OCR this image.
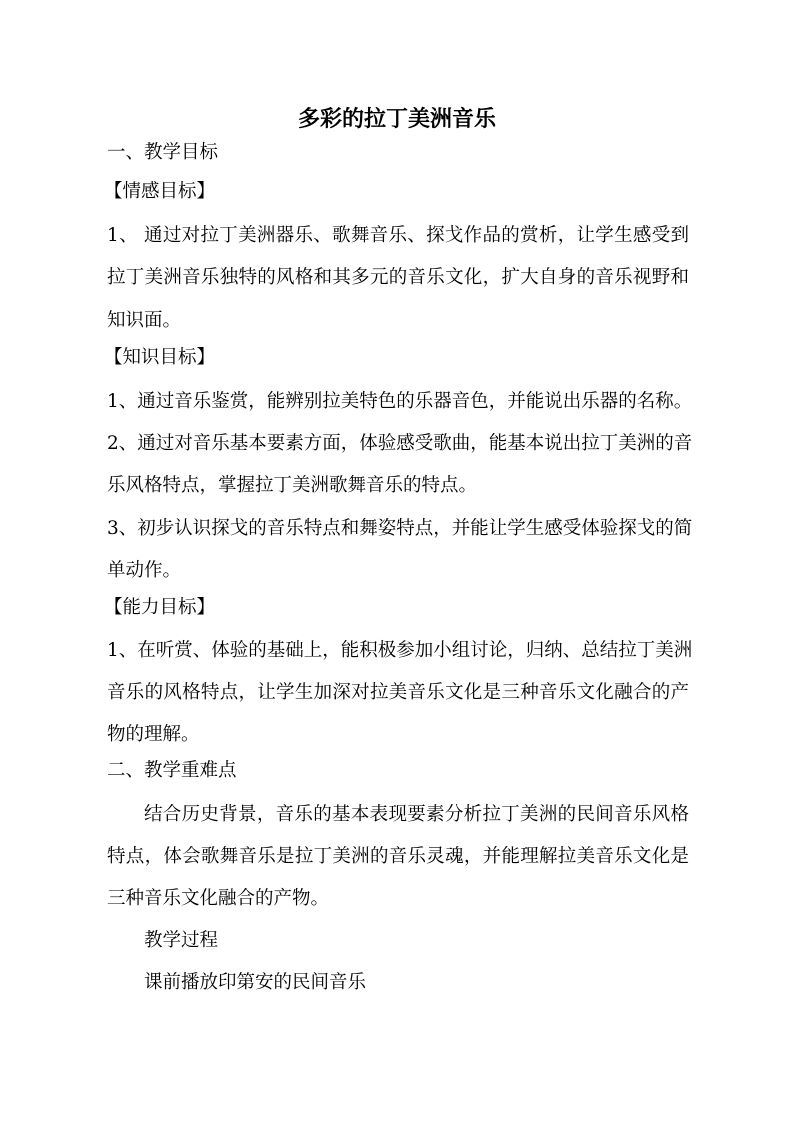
多彩的拉丁美洲音乐
一、教学目标
【情感目标】
1、 通过对拉丁美洲器乐、歌舞音乐、探戈作品的赏析，让学生感受到
拉丁美洲音乐独特的风格和其多元的音乐文化，扩大自身的音乐视野和
知识面。
【知识目标】
1、通过音乐鉴赏，能辨别拉美特色的乐器音色，并能说出乐器的名称。
2、通过对音乐基本要素方面，体验感受歌曲，能基本说出拉丁美洲的音
乐风格特点，掌握拉丁美洲歌舞音乐的特点。
3、初步认识探戈的音乐特点和舞姿特点，并能让学生感受体验探戈的简
单动作。
【能力目标】
1、在听赏、体验的基础上，能积极参加小组讨论，归纳、总结拉丁美洲
音乐的风格特点，让学生加深对拉美音乐文化是三种音乐文化融合的产
物的理解。
二、教学重难点
结合历史背景，音乐的基本表现要素分析拉丁美洲的民间音乐风格
特点，体会歌舞音乐是拉丁美洲的音乐灵魂，并能理解拉美音乐文化是
三种音乐文化融合的产物。
教学过程
课前播放印第安的民间音乐
